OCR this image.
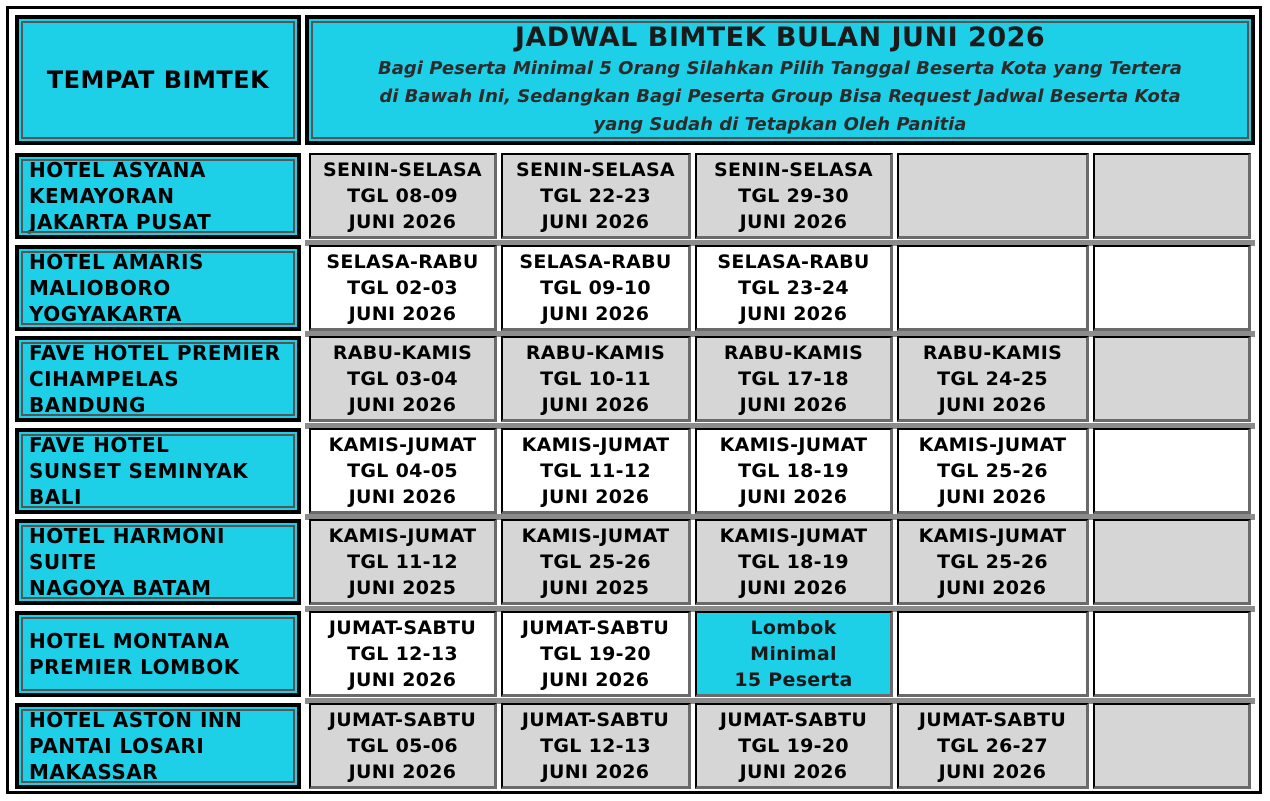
TEMPAT BIMTEK
JADWAL BIMTEK BULAN JUNI 2026
Bagi Peserta Minimal 5 Orang Silahkan Pilih Tanggal Beserta Kota yang Tertera
di Bawah Ini, Sedangkan Bagi Peserta Group Bisa Request Jadwal Beserta Kota
yang Sudah di Tetapkan Oleh Panitia
HOTEL ASYANA
KEMAYORAN
JAKARTA PUSAT
SENIN-SELASA
TGL 08-09
JUNI 2026
SENIN-SELASA
TGL 22-23
JUNI 2026
SENIN-SELASA
TGL 29-30
JUNI 2026
HOTEL AMARIS
MALIOBORO
YOGYAKARTA
SELASA-RABU
TGL 02-03
JUNI 2026
SELASA-RABU
TGL 09-10
JUNI 2026
SELASA-RABU
TGL 23-24
JUNI 2026
FAVE HOTEL PREMIER
CIHAMPELAS BANDUNG
RABU-KAMIS
TGL 03-04
JUNI 2026
RABU-KAMIS
TGL 10-11
JUNI 2026
RABU-KAMIS
TGL 17-18
JUNI 2026
RABU-KAMIS
TGL 24-25
JUNI 2026
FAVE HOTEL
SUNSET SEMINYAK BALI
KAMIS-JUMAT
TGL 04-05
JUNI 2026
KAMIS-JUMAT
TGL 11-12
JUNI 2026
KAMIS-JUMAT
TGL 18-19
JUNI 2026
KAMIS-JUMAT
TGL 25-26
JUNI 2026
HOTEL HARMONI SUITE
NAGOYA BATAM
KAMIS-JUMAT
TGL 11-12
JUNI 2025
KAMIS-JUMAT
TGL 25-26
JUNI 2025
KAMIS-JUMAT
TGL 18-19
JUNI 2026
KAMIS-JUMAT
TGL 25-26
JUNI 2026
HOTEL MONTANA
PREMIER LOMBOK
JUMAT-SABTU
TGL 12-13
JUNI 2026
JUMAT-SABTU
TGL 19-20
JUNI 2026
Lombok
Minimal
15 Peserta
HOTEL ASTON INN
PANTAI LOSARI
MAKASSAR
JUMAT-SABTU
TGL 05-06
JUNI 2026
JUMAT-SABTU
TGL 12-13
JUNI 2026
JUMAT-SABTU
TGL 19-20
JUNI 2026
JUMAT-SABTU
TGL 26-27
JUNI 2026
